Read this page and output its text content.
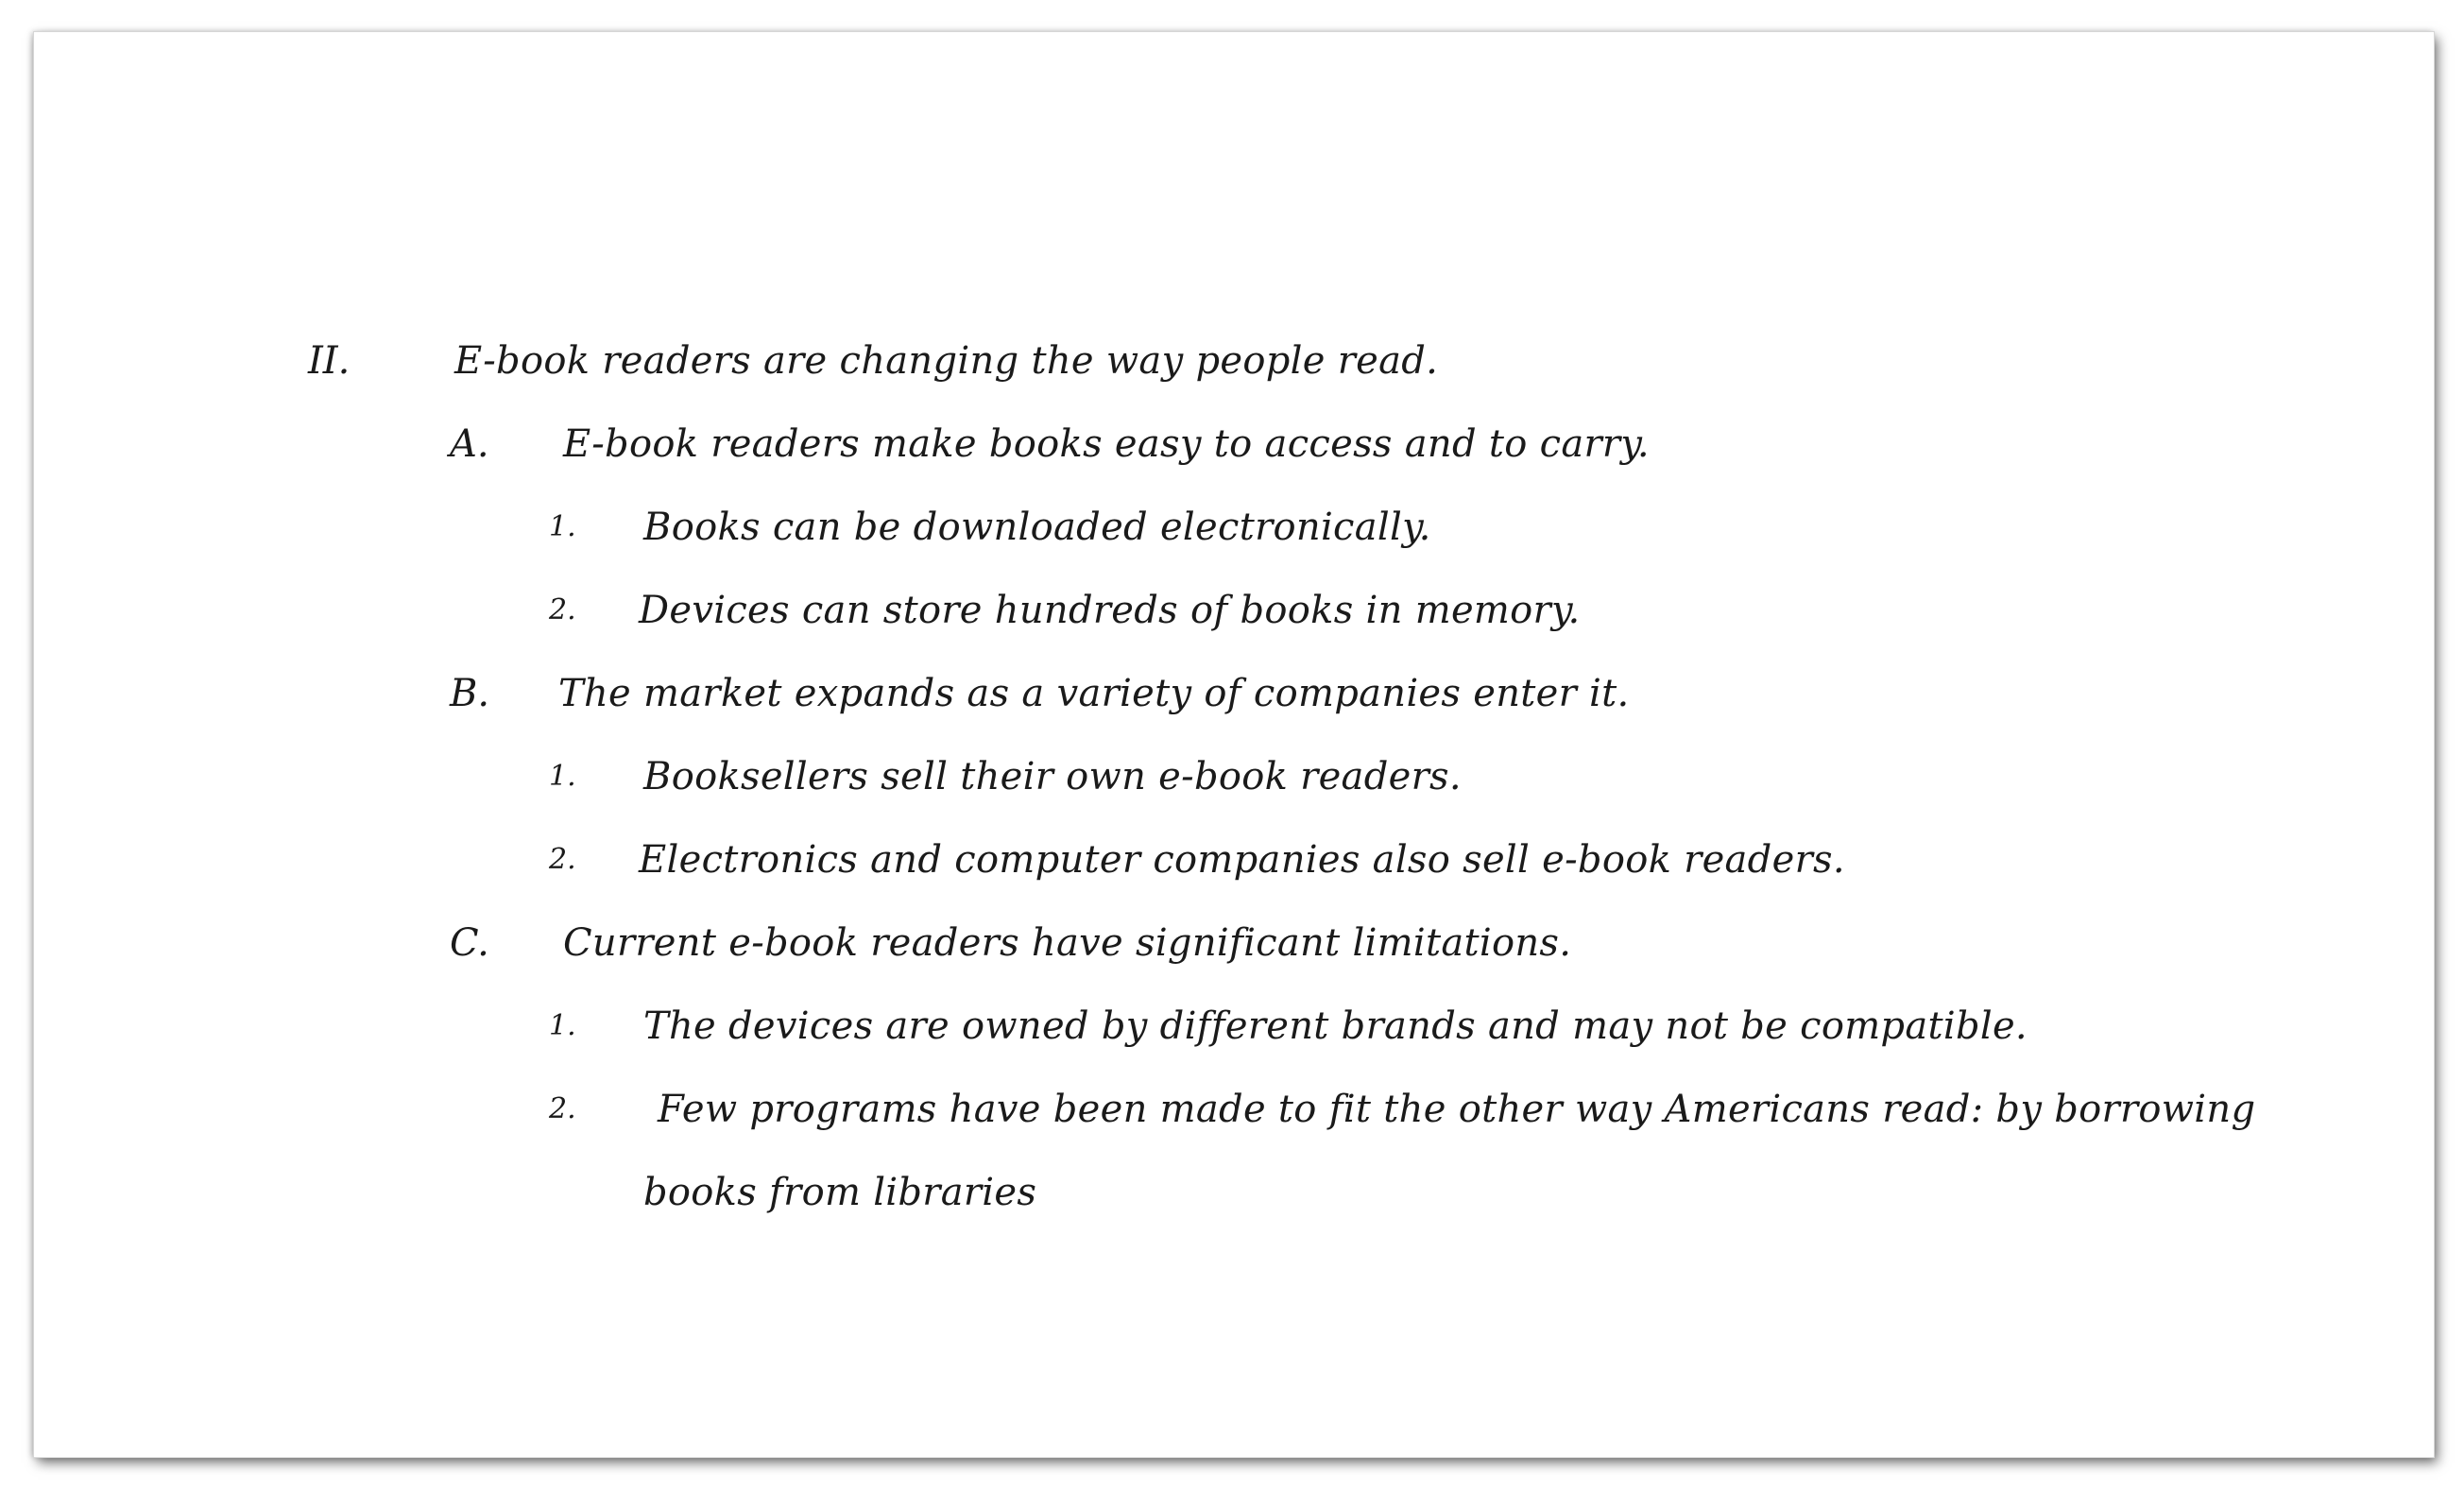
II.	E-book readers are changing the way people read.
A. E-book readers make books easy to access and to carry.
1. Books can be downloaded electronically.
2. Devices can store hundreds of books in memory.
B. The market expands as a variety of companies enter it.
1. Booksellers sell their own e-book readers.
2. Electronics and computer companies also sell e-book readers.
C. Current e-book readers have significant limitations.
1. The devices are owned by different brands and may not be compatible.
2. Few programs have been made to fit the other way Americans read: by borrowing
books from libraries
